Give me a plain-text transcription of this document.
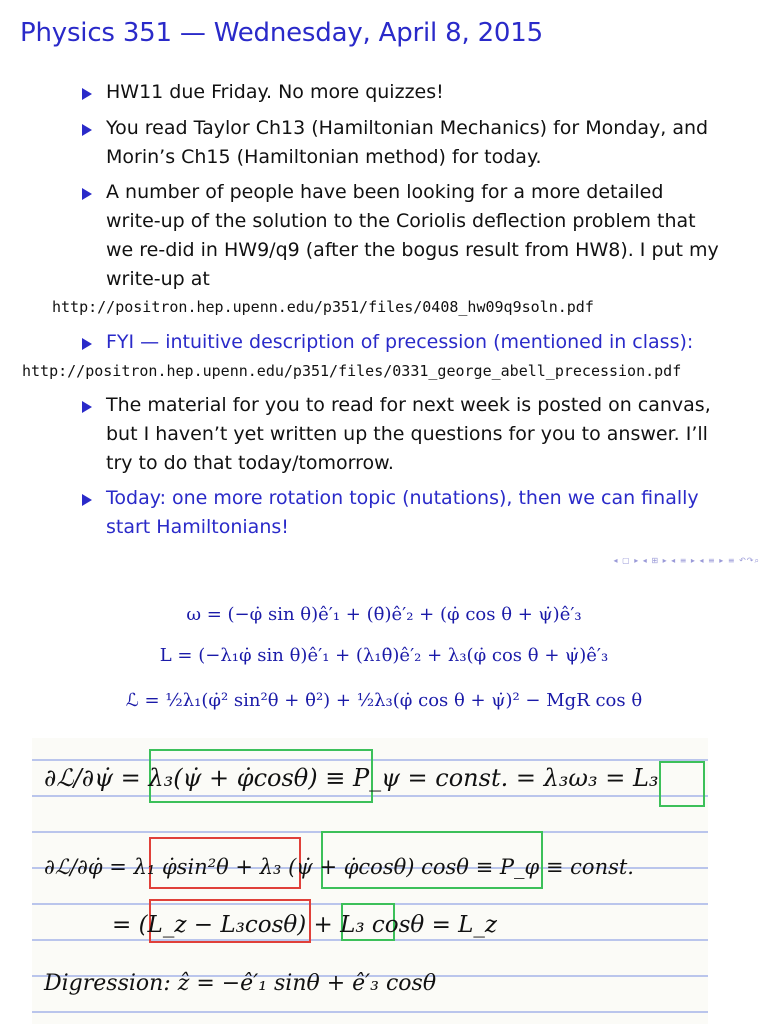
Physics 351 — Wednesday, April 8, 2015
HW11 due Friday. No more quizzes!
You read Taylor Ch13 (Hamiltonian Mechanics) for Monday, and Morin’s Ch15 (Hamiltonian method) for today.
A number of people have been looking for a more detailed write-up of the solution to the Coriolis deflection problem that we re-did in HW9/q9 (after the bogus result from HW8). I put my write-up at
FYI — intuitive description of precession (mentioned in class):
The material for you to read for next week is posted on canvas, but I haven’t yet written up the questions for you to answer. I’ll try to do that today/tomorrow.
Today: one more rotation topic (nutations), then we can finally start Hamiltonians!
http://positron.hep.upenn.edu/p351/files/0408_hw09q9soln.pdf
http://positron.hep.upenn.edu/p351/files/0331_george_abell_precession.pdf
◂ ▢ ▸ ◂ ⊞ ▸ ◂ ≡ ▸ ◂ ≡ ▸ ≡ ↶↷⌕
ω = (−φ̇ sin θ)ê′₁ + (θ̇)ê′₂ + (φ̇ cos θ + ψ̇)ê′₃
L = (−λ₁φ̇ sin θ)ê′₁ + (λ₁θ̇)ê′₂ + λ₃(φ̇ cos θ + ψ̇)ê′₃
ℒ = ½λ₁(φ̇² sin²θ + θ̇²) + ½λ₃(φ̇ cos θ + ψ̇)² − MgR cos θ
∂ℒ/∂ψ̇ = λ₃(ψ̇ + φ̇cosθ) ≡ P_ψ = const. = λ₃ω₃ = L₃
∂ℒ/∂φ̇ = λ₁ φ̇sin²θ + λ₃ (ψ̇ + φ̇cosθ) cosθ ≡ P_φ ≡ const.
= (L_z − L₃cosθ) + L₃ cosθ = L_z
Digression: ẑ = −ê′₁ sinθ + ê′₃ cosθ
